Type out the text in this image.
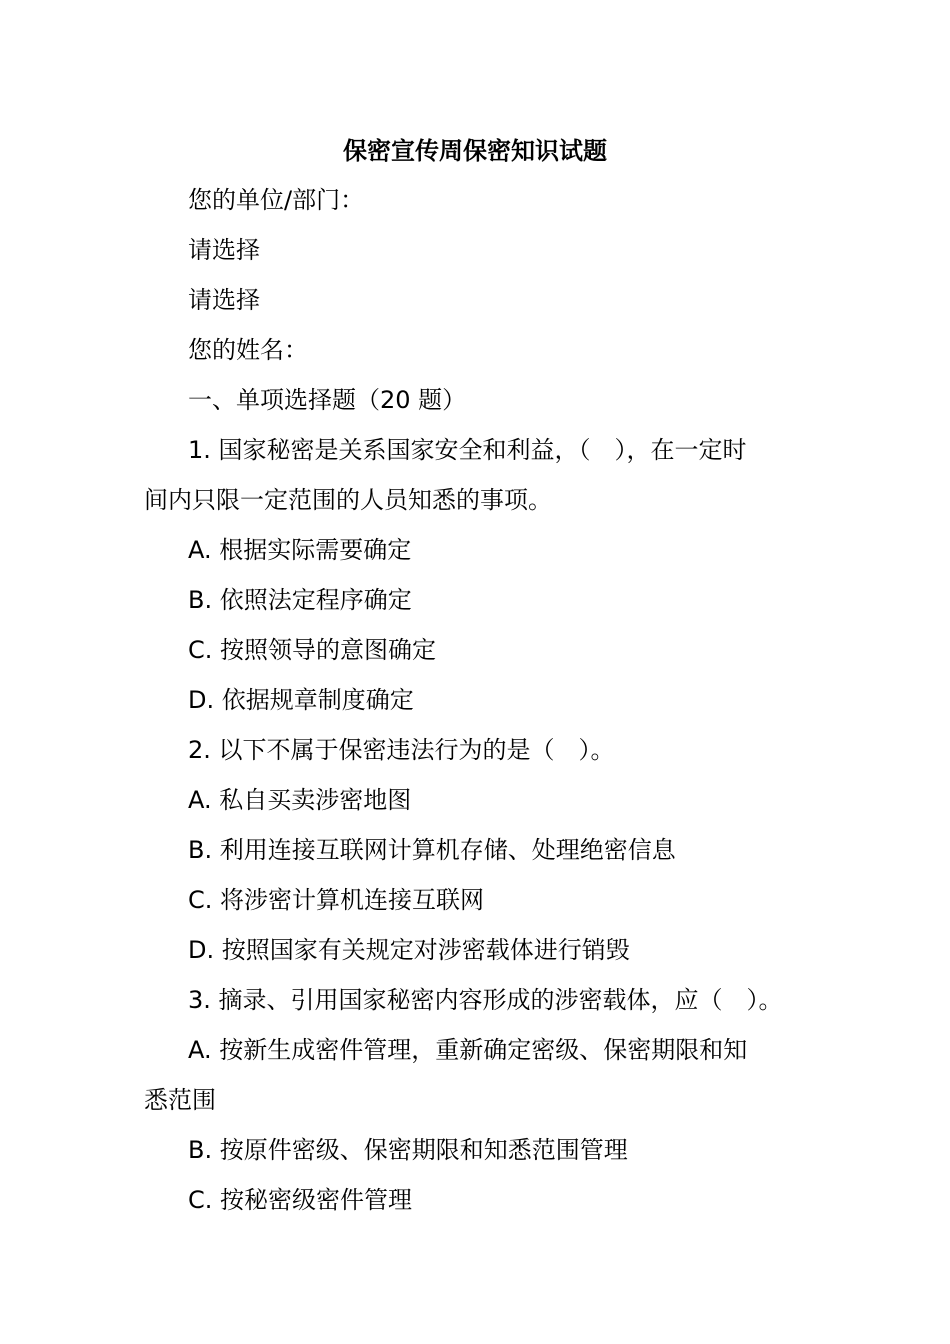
保密宣传周保密知识试题

您的单位/部门：

请选择

请选择

您的姓名：

一、单项选择题（20 题）

1. 国家秘密是关系国家安全和利益，（　），在一定时

间内只限一定范围的人员知悉的事项。

A. 根据实际需要确定

B. 依照法定程序确定

C. 按照领导的意图确定

D. 依据规章制度确定

2. 以下不属于保密违法行为的是（　）。

A. 私自买卖涉密地图

B. 利用连接互联网计算机存储、处理绝密信息

C. 将涉密计算机连接互联网

D. 按照国家有关规定对涉密载体进行销毁

3. 摘录、引用国家秘密内容形成的涉密载体，应（　）。

A. 按新生成密件管理，重新确定密级、保密期限和知

悉范围

B. 按原件密级、保密期限和知悉范围管理

C. 按秘密级密件管理
